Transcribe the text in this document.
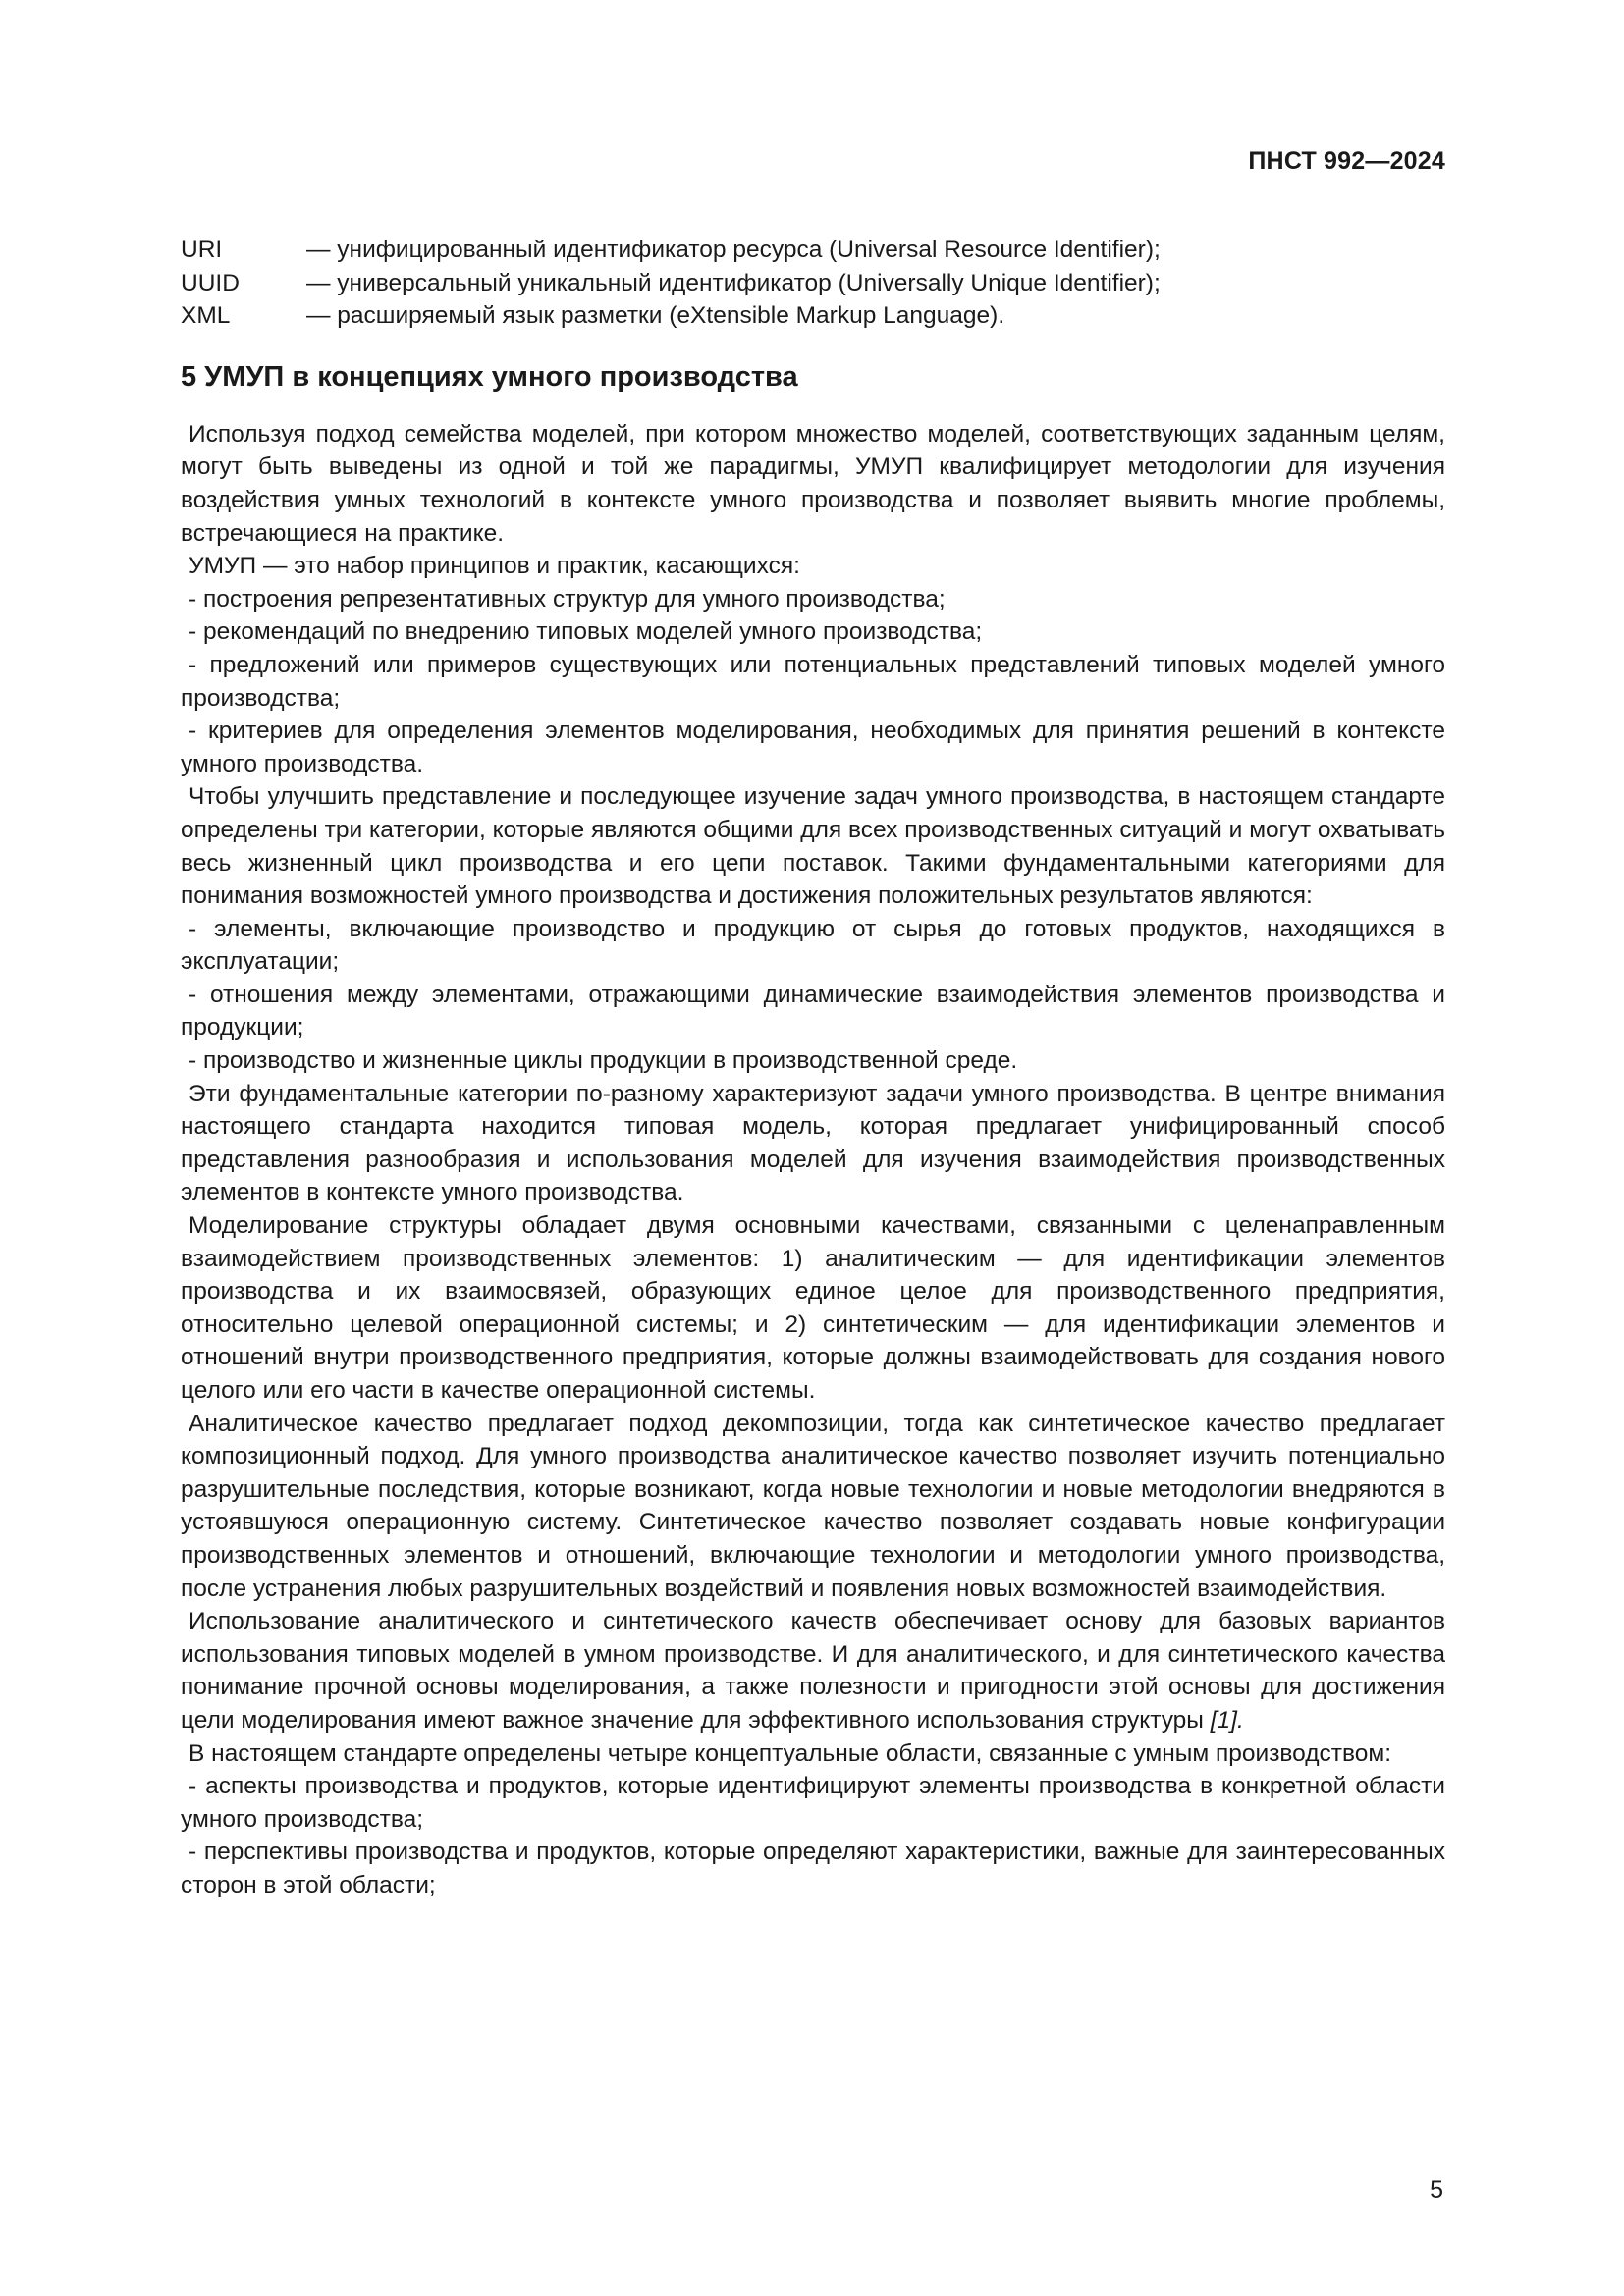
ПНСТ 992—2024
URI	— унифицированный идентификатор ресурса (Universal Resource Identifier);
UUID	— универсальный уникальный идентификатор (Universally Unique Identifier);
XML	— расширяемый язык разметки (eXtensible Markup Language).
5 УМУП в концепциях умного производства

Используя подход семейства моделей, при котором множество моделей, соответствующих заданным целям, могут быть выведены из одной и той же парадигмы, УМУП квалифицирует методологии для изучения воздействия умных технологий в контексте умного производства и позволяет выявить многие проблемы, встречающиеся на практике.

УМУП — это набор принципов и практик, касающихся:

- построения репрезентативных структур для умного производства;

- рекомендаций по внедрению типовых моделей умного производства;

- предложений или примеров существующих или потенциальных представлений типовых моделей умного производства;

- критериев для определения элементов моделирования, необходимых для принятия решений в контексте умного производства.

Чтобы улучшить представление и последующее изучение задач умного производства, в настоящем стандарте определены три категории, которые являются общими для всех производственных ситуаций и могут охватывать весь жизненный цикл производства и его цепи поставок. Такими фундаментальными категориями для понимания возможностей умного производства и достижения положительных результатов являются:

- элементы, включающие производство и продукцию от сырья до готовых продуктов, находящихся в эксплуатации;

- отношения между элементами, отражающими динамические взаимодействия элементов производства и продукции;

- производство и жизненные циклы продукции в производственной среде.

Эти фундаментальные категории по-разному характеризуют задачи умного производства. В центре внимания настоящего стандарта находится типовая модель, которая предлагает унифицированный способ представления разнообразия и использования моделей для изучения взаимодействия производственных элементов в контексте умного производства.

Моделирование структуры обладает двумя основными качествами, связанными с целенаправленным взаимодействием производственных элементов: 1) аналитическим — для идентификации элементов производства и их взаимосвязей, образующих единое целое для производственного предприятия, относительно целевой операционной системы; и 2) синтетическим — для идентификации элементов и отношений внутри производственного предприятия, которые должны взаимодействовать для создания нового целого или его части в качестве операционной системы.

Аналитическое качество предлагает подход декомпозиции, тогда как синтетическое качество предлагает композиционный подход. Для умного производства аналитическое качество позволяет изучить потенциально разрушительные последствия, которые возникают, когда новые технологии и новые методологии внедряются в устоявшуюся операционную систему. Синтетическое качество позволяет создавать новые конфигурации производственных элементов и отношений, включающие технологии и методологии умного производства, после устранения любых разрушительных воздействий и появления новых возможностей взаимодействия.

Использование аналитического и синтетического качеств обеспечивает основу для базовых вариантов использования типовых моделей в умном производстве. И для аналитического, и для синтетического качества понимание прочной основы моделирования, а также полезности и пригодности этой основы для достижения цели моделирования имеют важное значение для эффективного использования структуры [1].

В настоящем стандарте определены четыре концептуальные области, связанные с умным производством:

- аспекты производства и продуктов, которые идентифицируют элементы производства в конкретной области умного производства;

- перспективы производства и продуктов, которые определяют характеристики, важные для заинтересованных сторон в этой области;

5
